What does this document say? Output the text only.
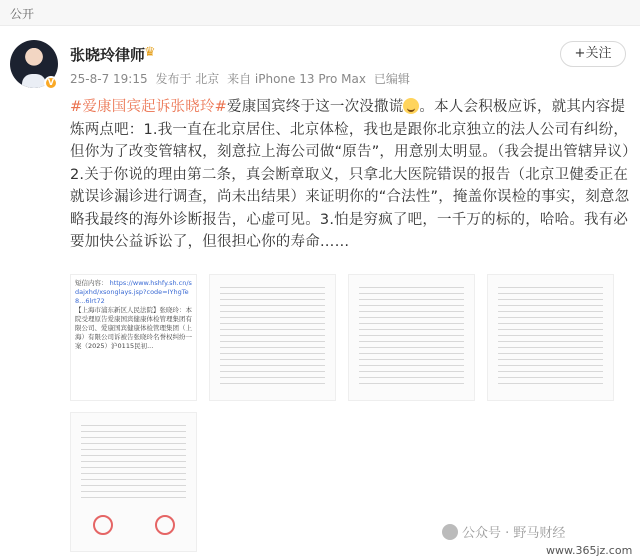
公开
V
张晓玲律师
♛
25-8-7 19:15 发布于 北京 来自 iPhone 13 Pro Max 已编辑
+关注
#爱康国宾起诉张晓玲#爱康国宾终于这一次没撒谎 。本人会积极应诉，就其内容提炼两点吧：1.我一直在北京居住、北京体检，我也是跟你北京独立的法人公司有纠纷，但你为了改变管辖权，刻意拉上海公司做“原告”，用意别太明显。（我会提出管辖异议）2.关于你说的理由第二条，真会断章取义，只拿北大医院错误的报告（北京卫健委正在就误诊漏诊进行调查，尚未出结果）来证明你的“合法性”，掩盖你误检的事实，刻意忽略我最终的海外诊断报告，心虚可见。3.怕是穷疯了吧，一千万的标的，哈哈。我有必要加快公益诉讼了，但很担心你的寿命……
短信内容： https://www.hshfy.sh.cn/sdajxhd/xsonglays.jsp?code=IYhgTe8...6lrt72
【上海市浦东新区人民法院】张晓玲：本院受理原告爱康国宾健康体检管理集团有限公司、爱康国宾健康体检管理集团（上海）有限公司诉被告张晓玲名誉权纠纷一案（2025）沪0115民初...
公众号 · 野马财经
www.365jz.com
